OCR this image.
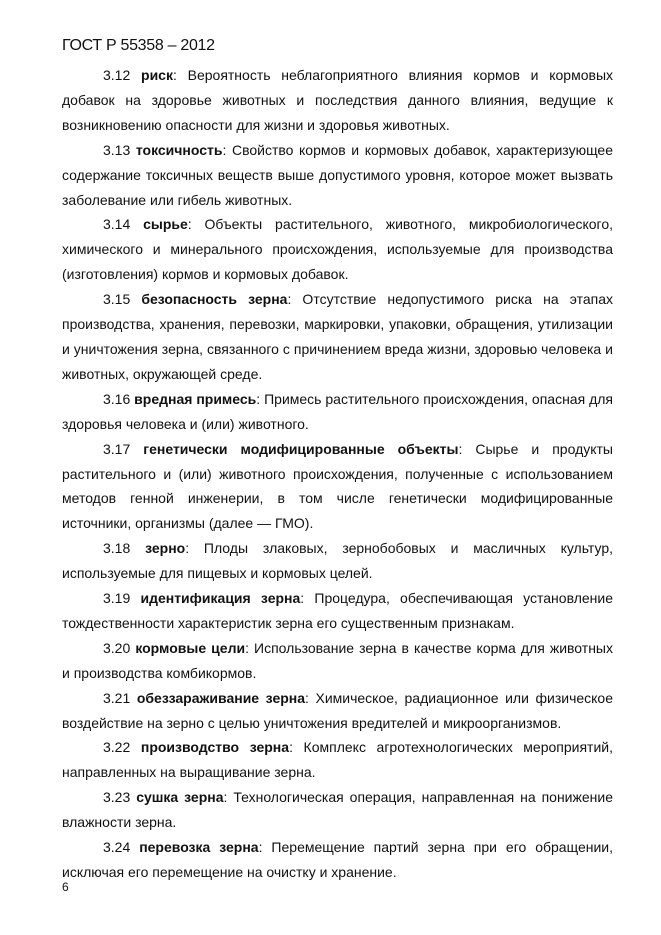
ГОСТ Р 55358 – 2012

3.12 риск: Вероятность неблагоприятного влияния кормов и кормовых добавок на здоровье животных и последствия данного влияния, ведущие к возникновению опасности для жизни и здоровья животных.

3.13 токсичность: Свойство кормов и кормовых добавок, характеризующее содержание токсичных веществ выше допустимого уровня, которое может вызвать заболевание или гибель животных.

3.14 сырье: Объекты растительного, животного, микробиологического, химического и минерального происхождения, используемые для производства (изготовления) кормов и кормовых добавок.

3.15 безопасность зерна: Отсутствие недопустимого риска на этапах производства, хранения, перевозки, маркировки, упаковки, обращения, утилизации и уничтожения зерна, связанного с причинением вреда жизни, здоровью человека и животных, окружающей среде.

3.16 вредная примесь: Примесь растительного происхождения, опасная для здоровья человека и (или) животного.

3.17 генетически модифицированные объекты: Сырье и продукты растительного и (или) животного происхождения, полученные с использованием методов генной инженерии, в том числе генетически модифицированные источники, организмы (далее — ГМО).

3.18 зерно: Плоды злаковых, зернобобовых и масличных культур, используемые для пищевых и кормовых целей.

3.19 идентификация зерна: Процедура, обеспечивающая установление тождественности характеристик зерна его существенным признакам.

3.20 кормовые цели: Использование зерна в качестве корма для животных и производства комбикормов.

3.21 обеззараживание зерна: Химическое, радиационное или физическое воздействие на зерно с целью уничтожения вредителей и микроорганизмов.

3.22 производство зерна: Комплекс агротехнологических мероприятий, направленных на выращивание зерна.

3.23 сушка зерна: Технологическая операция, направленная на понижение влажности зерна.

3.24 перевозка зерна: Перемещение партий зерна при его обращении, исключая его перемещение на очистку и хранение.

6
